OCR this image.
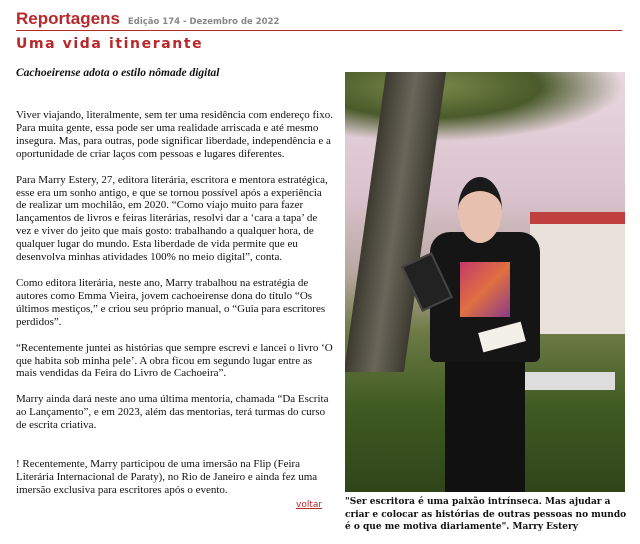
Reportagens Edição 174 - Dezembro de 2022
Uma vida itinerante
Cachoeirense adota o estilo nômade digital

Viver viajando, literalmente, sem ter uma residência com endereço fixo. Para muita gente, essa pode ser uma realidade arriscada e até mesmo insegura. Mas, para outras, pode significar liberdade, independência e a oportunidade de criar laços com pessoas e lugares diferentes.

Para Marry Estery, 27, editora literária, escritora e mentora estratégica, esse era um sonho antigo, e que se tornou possível após a experiência de realizar um mochilão, em 2020. “Como viajo muito para fazer lançamentos de livros e feiras literárias, resolvi dar a ‘cara a tapa’ de vez e viver do jeito que mais gosto: trabalhando a qualquer hora, de qualquer lugar do mundo. Esta liberdade de vida permite que eu desenvolva minhas atividades 100% no meio digital”, conta.

Como editora literária, neste ano, Marry trabalhou na estratégia de autores como Emma Vieira, jovem cachoeirense dona do título “Os últimos mestiços,” e criou seu próprio manual, o “Guia para escritores perdidos”.

“Recentemente juntei as histórias que sempre escrevi e lancei o livro ‘O que habita sob minha pele’. A obra ficou em segundo lugar entre as mais vendidas da Feira do Livro de Cachoeira”.

Marry ainda dará neste ano uma última mentoria, chamada “Da Escrita ao Lançamento”, e em 2023, além das mentorias, terá turmas do curso de escrita criativa.

! Recentemente, Marry participou de uma imersão na Flip (Feira Literária Internacional de Paraty), no Rio de Janeiro e ainda fez uma imersão exclusiva para escritores após o evento.

voltar	"Ser escritora é uma paixão intrínseca. Mas ajudar a criar e colocar as histórias de outras pessoas no mundo é o que me motiva diariamente". Marry Estery
